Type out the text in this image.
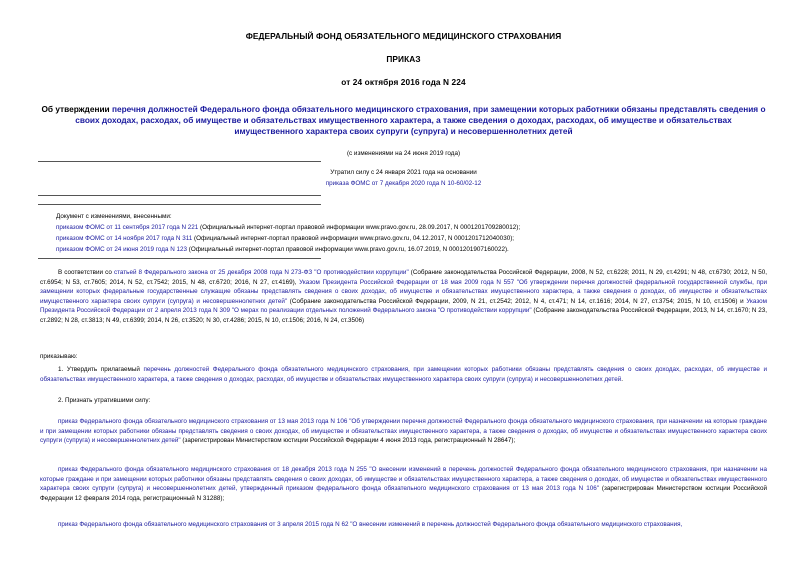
ФЕДЕРАЛЬНЫЙ ФОНД ОБЯЗАТЕЛЬНОГО МЕДИЦИНСКОГО СТРАХОВАНИЯ
ПРИКАЗ
от 24 октября 2016 года N 224
Об утверждении перечня должностей Федерального фонда обязательного медицинского страхования, при замещении которых работники обязаны представлять сведения о своих доходах, расходах, об имуществе и обязательствах имущественного характера, а также сведения о доходах, расходах, об имуществе и обязательствах имущественного характера своих супруги (супруга) и несовершеннолетних детей
(с изменениями на 24 июня 2019 года)
Утратил силу с 24 января 2021 года на основании
приказа ФОМС от 7 декабря 2020 года N 10-60/02-12
Документ с изменениями, внесенными:
приказом ФОМС от 11 сентября 2017 года N 221 (Официальный интернет-портал правовой информации www.pravo.gov.ru, 28.09.2017, N 0001201709280012);
приказом ФОМС от 14 ноября 2017 года N 311 (Официальный интернет-портал правовой информации www.pravo.gov.ru, 04.12.2017, N 0001201712040030);
приказом ФОМС от 24 июня 2019 года N 123 (Официальный интернет-портал правовой информации www.pravo.gov.ru, 16.07.2019, N 0001201907160022).
В соответствии со статьей 8 Федерального закона от 25 декабря 2008 года N 273-ФЗ "О противодействии коррупции" (Собрание законодательства Российской Федерации, 2008, N 52, ст.6228; 2011, N 29, ст.4291; N 48, ст.6730; 2012, N 50, ст.6954; N 53, ст.7605; 2014, N 52, ст.7542; 2015, N 48, ст.6720; 2016, N 27, ст.4169), Указом Президента Российской Федерации от 18 мая 2009 года N 557 "Об утверждении перечня должностей федеральной государственной службы, при замещении которых федеральные государственные служащие обязаны представлять сведения о своих доходах, об имуществе и обязательствах имущественного характера, а также сведения о доходах, об имуществе и обязательствах имущественного характера своих супруги (супруга) и несовершеннолетних детей" (Собрание законодательства Российской Федерации, 2009, N 21, ст.2542; 2012, N 4, ст.471; N 14, ст.1616; 2014, N 27, ст.3754; 2015, N 10, ст.1506) и Указом Президента Российской Федерации от 2 апреля 2013 года N 309 "О мерах по реализации отдельных положений Федерального закона "О противодействии коррупции" (Собрание законодательства Российской Федерации, 2013, N 14, ст.1670; N 23, ст.2892; N 28, ст.3813; N 49, ст.6399; 2014, N 26, ст.3520; N 30, ст.4286; 2015, N 10, ст.1506; 2016, N 24, ст.3506)
приказываю:
1. Утвердить прилагаемый перечень должностей Федерального фонда обязательного медицинского страхования, при замещении которых работники обязаны представлять сведения о своих доходах, расходах, об имуществе и обязательствах имущественного характера, а также сведения о доходах, расходах, об имуществе и обязательствах имущественного характера своих супруги (супруга) и несовершеннолетних детей.
2. Признать утратившими силу:
приказ Федерального фонда обязательного медицинского страхования от 13 мая 2013 года N 106 "Об утверждении перечня должностей Федерального фонда обязательного медицинского страхования, при назначении на которые граждане и при замещении которых работники обязаны представлять сведения о своих доходах, об имуществе и обязательствах имущественного характера, а также сведения о доходах, об имуществе и обязательствах имущественного характера своих супруги (супруга) и несовершеннолетних детей" (зарегистрирован Министерством юстиции Российской Федерации 4 июня 2013 года, регистрационный N 28647);
приказ Федерального фонда обязательного медицинского страхования от 18 декабря 2013 года N 255 "О внесении изменений в перечень должностей Федерального фонда обязательного медицинского страхования, при назначении на которые граждане и при замещении которых работники обязаны представлять сведения о своих доходах, об имуществе и обязательствах имущественного характера, а также сведения о доходах, об имуществе и обязательствах имущественного характера своих супруги (супруга) и несовершеннолетних детей, утвержденный приказом федерального фонда обязательного медицинского страхования от 13 мая 2013 года N 106" (зарегистрирован Министерством юстиции Российской Федерации 12 февраля 2014 года, регистрационный N 31288);
приказ Федерального фонда обязательного медицинского страхования от 3 апреля 2015 года N 62 "О внесении изменений в перечень должностей Федерального фонда обязательного медицинского страхования,
